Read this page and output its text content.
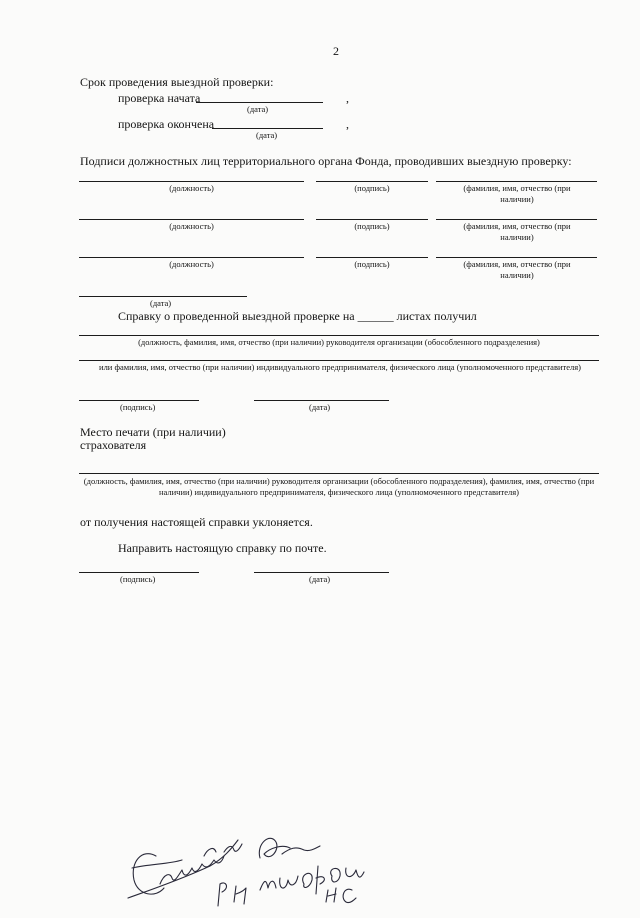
2
Срок проведения выездной проверки:
проверка начата	,
(дата)
проверка окончена	,
(дата)
Подписи должностных лиц территориального органа Фонда, проводивших выездную проверку:
(должность)	(подпись)	(фамилия, имя, отчество (при наличии)
(должность)	(подпись)	(фамилия, имя, отчество (при наличии)
(должность)	(подпись)	(фамилия, имя, отчество (при наличии)
(дата)
Справку о проведенной выездной проверке на ______ листах получил
(должность, фамилия, имя, отчество (при наличии) руководителя организации (обособленного подразделения)
или фамилия, имя, отчество (при наличии) индивидуального предпринимателя, физического лица (уполномоченного представителя)
(подпись)	(дата)
Место печати (при наличии)
страхователя
(должность, фамилия, имя, отчество (при наличии) руководителя организации (обособленного подразделения), фамилия, имя, отчество (при наличии) индивидуального предпринимателя, физического лица (уполномоченного представителя)
от получения настоящей справки уклоняется.
Направить настоящую справку по почте.
(подпись)	(дата)
